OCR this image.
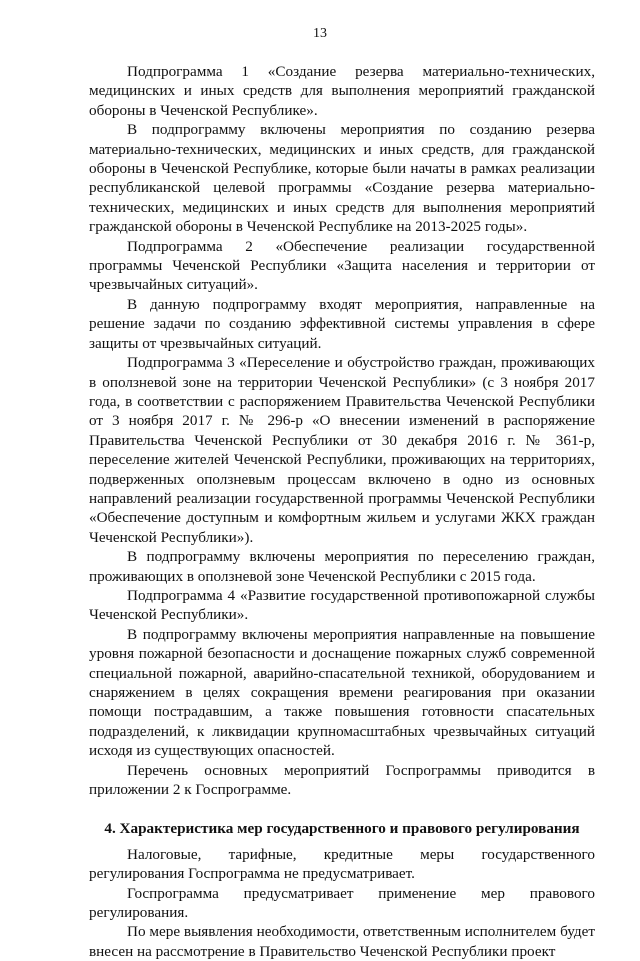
13

Подпрограмма 1 «Создание резерва материально-технических, медицинских и иных средств для выполнения мероприятий гражданской обороны в Чеченской Республике».

В подпрограмму включены мероприятия по созданию резерва материально-технических, медицинских и иных средств, для гражданской обороны в Чеченской Республике, которые были начаты в рамках реализации республиканской целевой программы «Создание резерва материально-технических, медицинских и иных средств для выполнения мероприятий гражданской обороны в Чеченской Республике на 2013-2025 годы».

Подпрограмма 2 «Обеспечение реализации государственной программы Чеченской Республики «Защита населения и территории от чрезвычайных ситуаций».

В данную подпрограмму входят мероприятия, направленные на решение задачи по созданию эффективной системы управления в сфере защиты от чрезвычайных ситуаций.

Подпрограмма 3 «Переселение и обустройство граждан, проживающих в оползневой зоне на территории Чеченской Республики» (с 3 ноября 2017 года, в соответствии с распоряжением Правительства Чеченской Республики от 3 ноября 2017 г. № 296-р «О внесении изменений в распоряжение Правительства Чеченской Республики от 30 декабря 2016 г. № 361-р, переселение жителей Чеченской Республики, проживающих на территориях, подверженных оползневым процессам включено в одно из основных направлений реализации государственной программы Чеченской Республики «Обеспечение доступным и комфортным жильем и услугами ЖКХ граждан Чеченской Республики»).

В подпрограмму включены мероприятия по переселению граждан, проживающих в оползневой зоне Чеченской Республики с 2015 года.

Подпрограмма 4 «Развитие государственной противопожарной службы Чеченской Республики».

В подпрограмму включены мероприятия направленные на повышение уровня пожарной безопасности и доснащение пожарных служб современной специальной пожарной, аварийно-спасательной техникой, оборудованием и снаряжением в целях сокращения времени реагирования при оказании помощи пострадавшим, а также повышения готовности спасательных подразделений, к ликвидации крупномасштабных чрезвычайных ситуаций исходя из существующих опасностей.

Перечень основных мероприятий Госпрограммы приводится в приложении 2 к Госпрограмме.

4. Характеристика мер государственного и правового регулирования

Налоговые, тарифные, кредитные меры государственного регулирования Госпрограмма не предусматривает.

Госпрограмма предусматривает применение мер правового регулирования.

По мере выявления необходимости, ответственным исполнителем будет внесен на рассмотрение в Правительство Чеченской Республики проект
